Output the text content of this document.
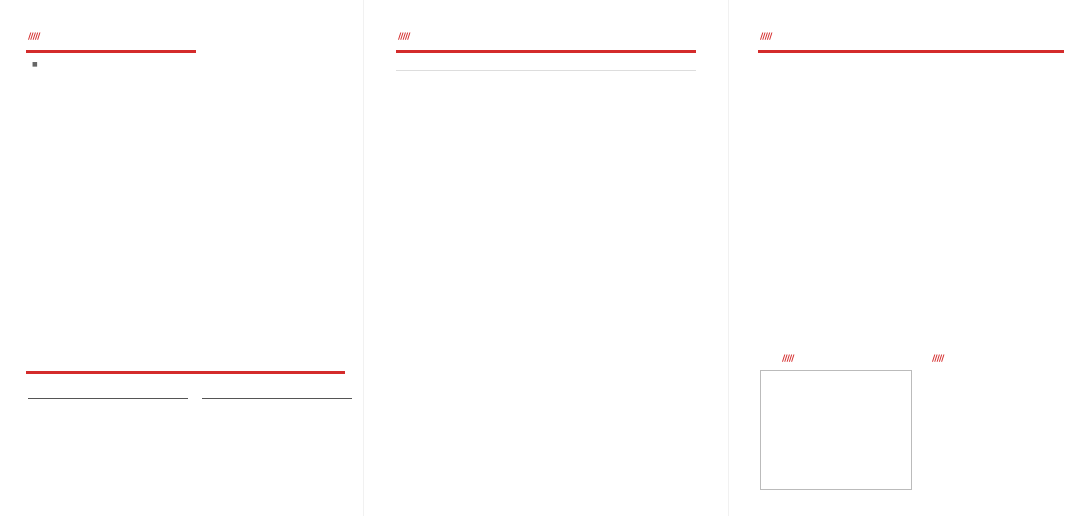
/////
■
/////	/////
/////	/////
